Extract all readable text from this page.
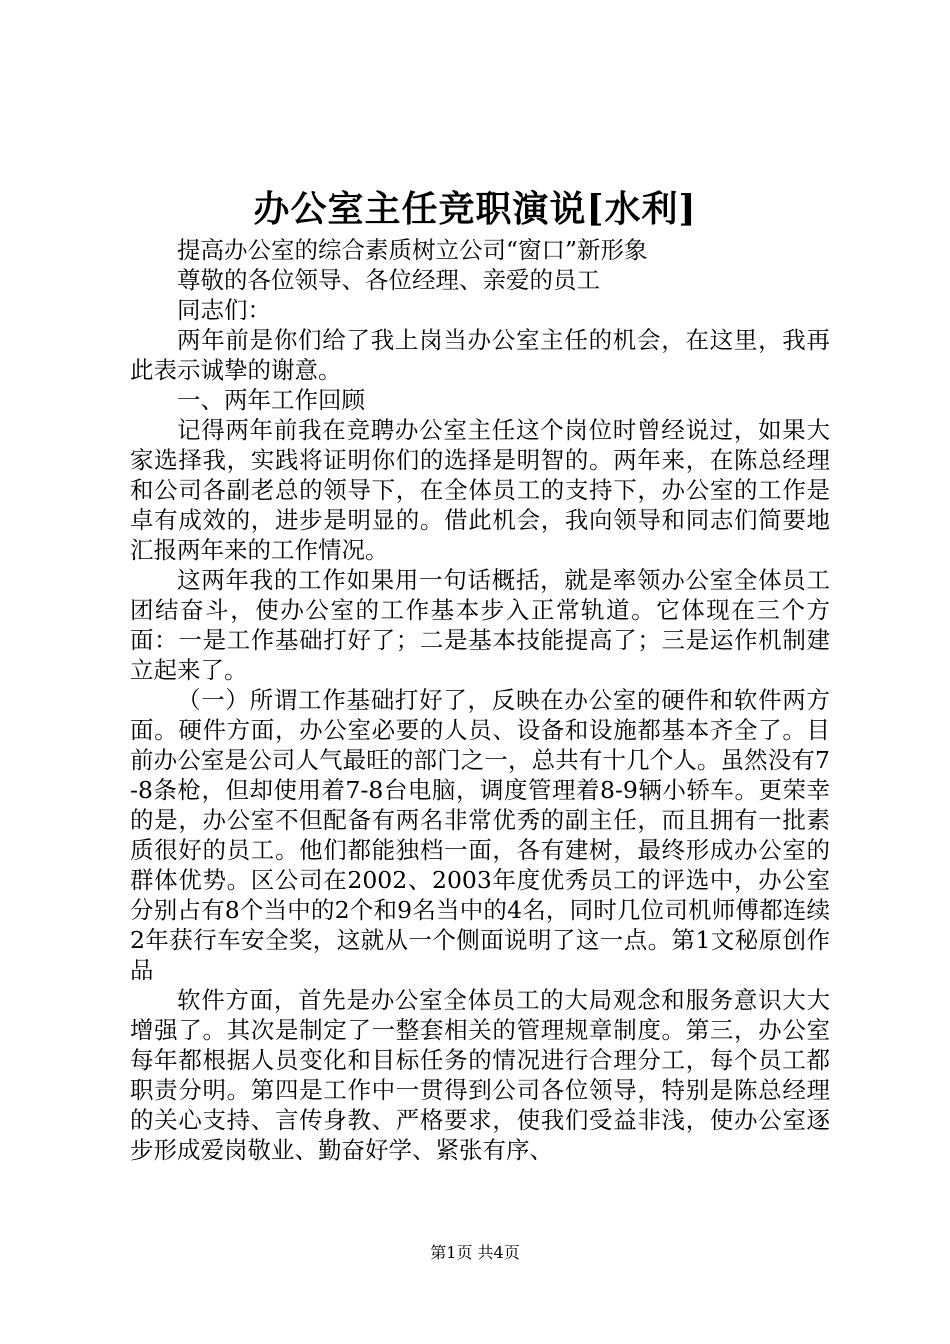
办公室主任竞职演说[水利]

提高办公室的综合素质树立公司“窗口”新形象

尊敬的各位领导、各位经理、亲爱的员工

同志们：

两年前是你们给了我上岗当办公室主任的机会，在这里，我再此表示诚挚的谢意。

一、两年工作回顾

记得两年前我在竞聘办公室主任这个岗位时曾经说过，如果大家选择我，实践将证明你们的选择是明智的。两年来，在陈总经理和公司各副老总的领导下，在全体员工的支持下，办公室的工作是卓有成效的，进步是明显的。借此机会，我向领导和同志们简要地汇报两年来的工作情况。

这两年我的工作如果用一句话概括，就是率领办公室全体员工团结奋斗，使办公室的工作基本步入正常轨道。它体现在三个方面：一是工作基础打好了；二是基本技能提高了；三是运作机制建立起来了。

（一）所谓工作基础打好了，反映在办公室的硬件和软件两方面。硬件方面，办公室必要的人员、设备和设施都基本齐全了。目前办公室是公司人气最旺的部门之一，总共有十几个人。虽然没有7-8条枪，但却使用着7-8台电脑，调度管理着8-9辆小轿车。更荣幸的是，办公室不但配备有两名非常优秀的副主任，而且拥有一批素质很好的员工。他们都能独档一面，各有建树，最终形成办公室的群体优势。区公司在2002、2003年度优秀员工的评选中，办公室分别占有8个当中的2个和9名当中的4名，同时几位司机师傅都连续2年获行车安全奖，这就从一个侧面说明了这一点。第1文秘原创作品

软件方面，首先是办公室全体员工的大局观念和服务意识大大增强了。其次是制定了一整套相关的管理规章制度。第三，办公室每年都根据人员变化和目标任务的情况进行合理分工，每个员工都职责分明。第四是工作中一贯得到公司各位领导，特别是陈总经理的关心支持、言传身教、严格要求，使我们受益非浅，使办公室逐步形成爱岗敬业、勤奋好学、紧张有序、

第1页 共4页
